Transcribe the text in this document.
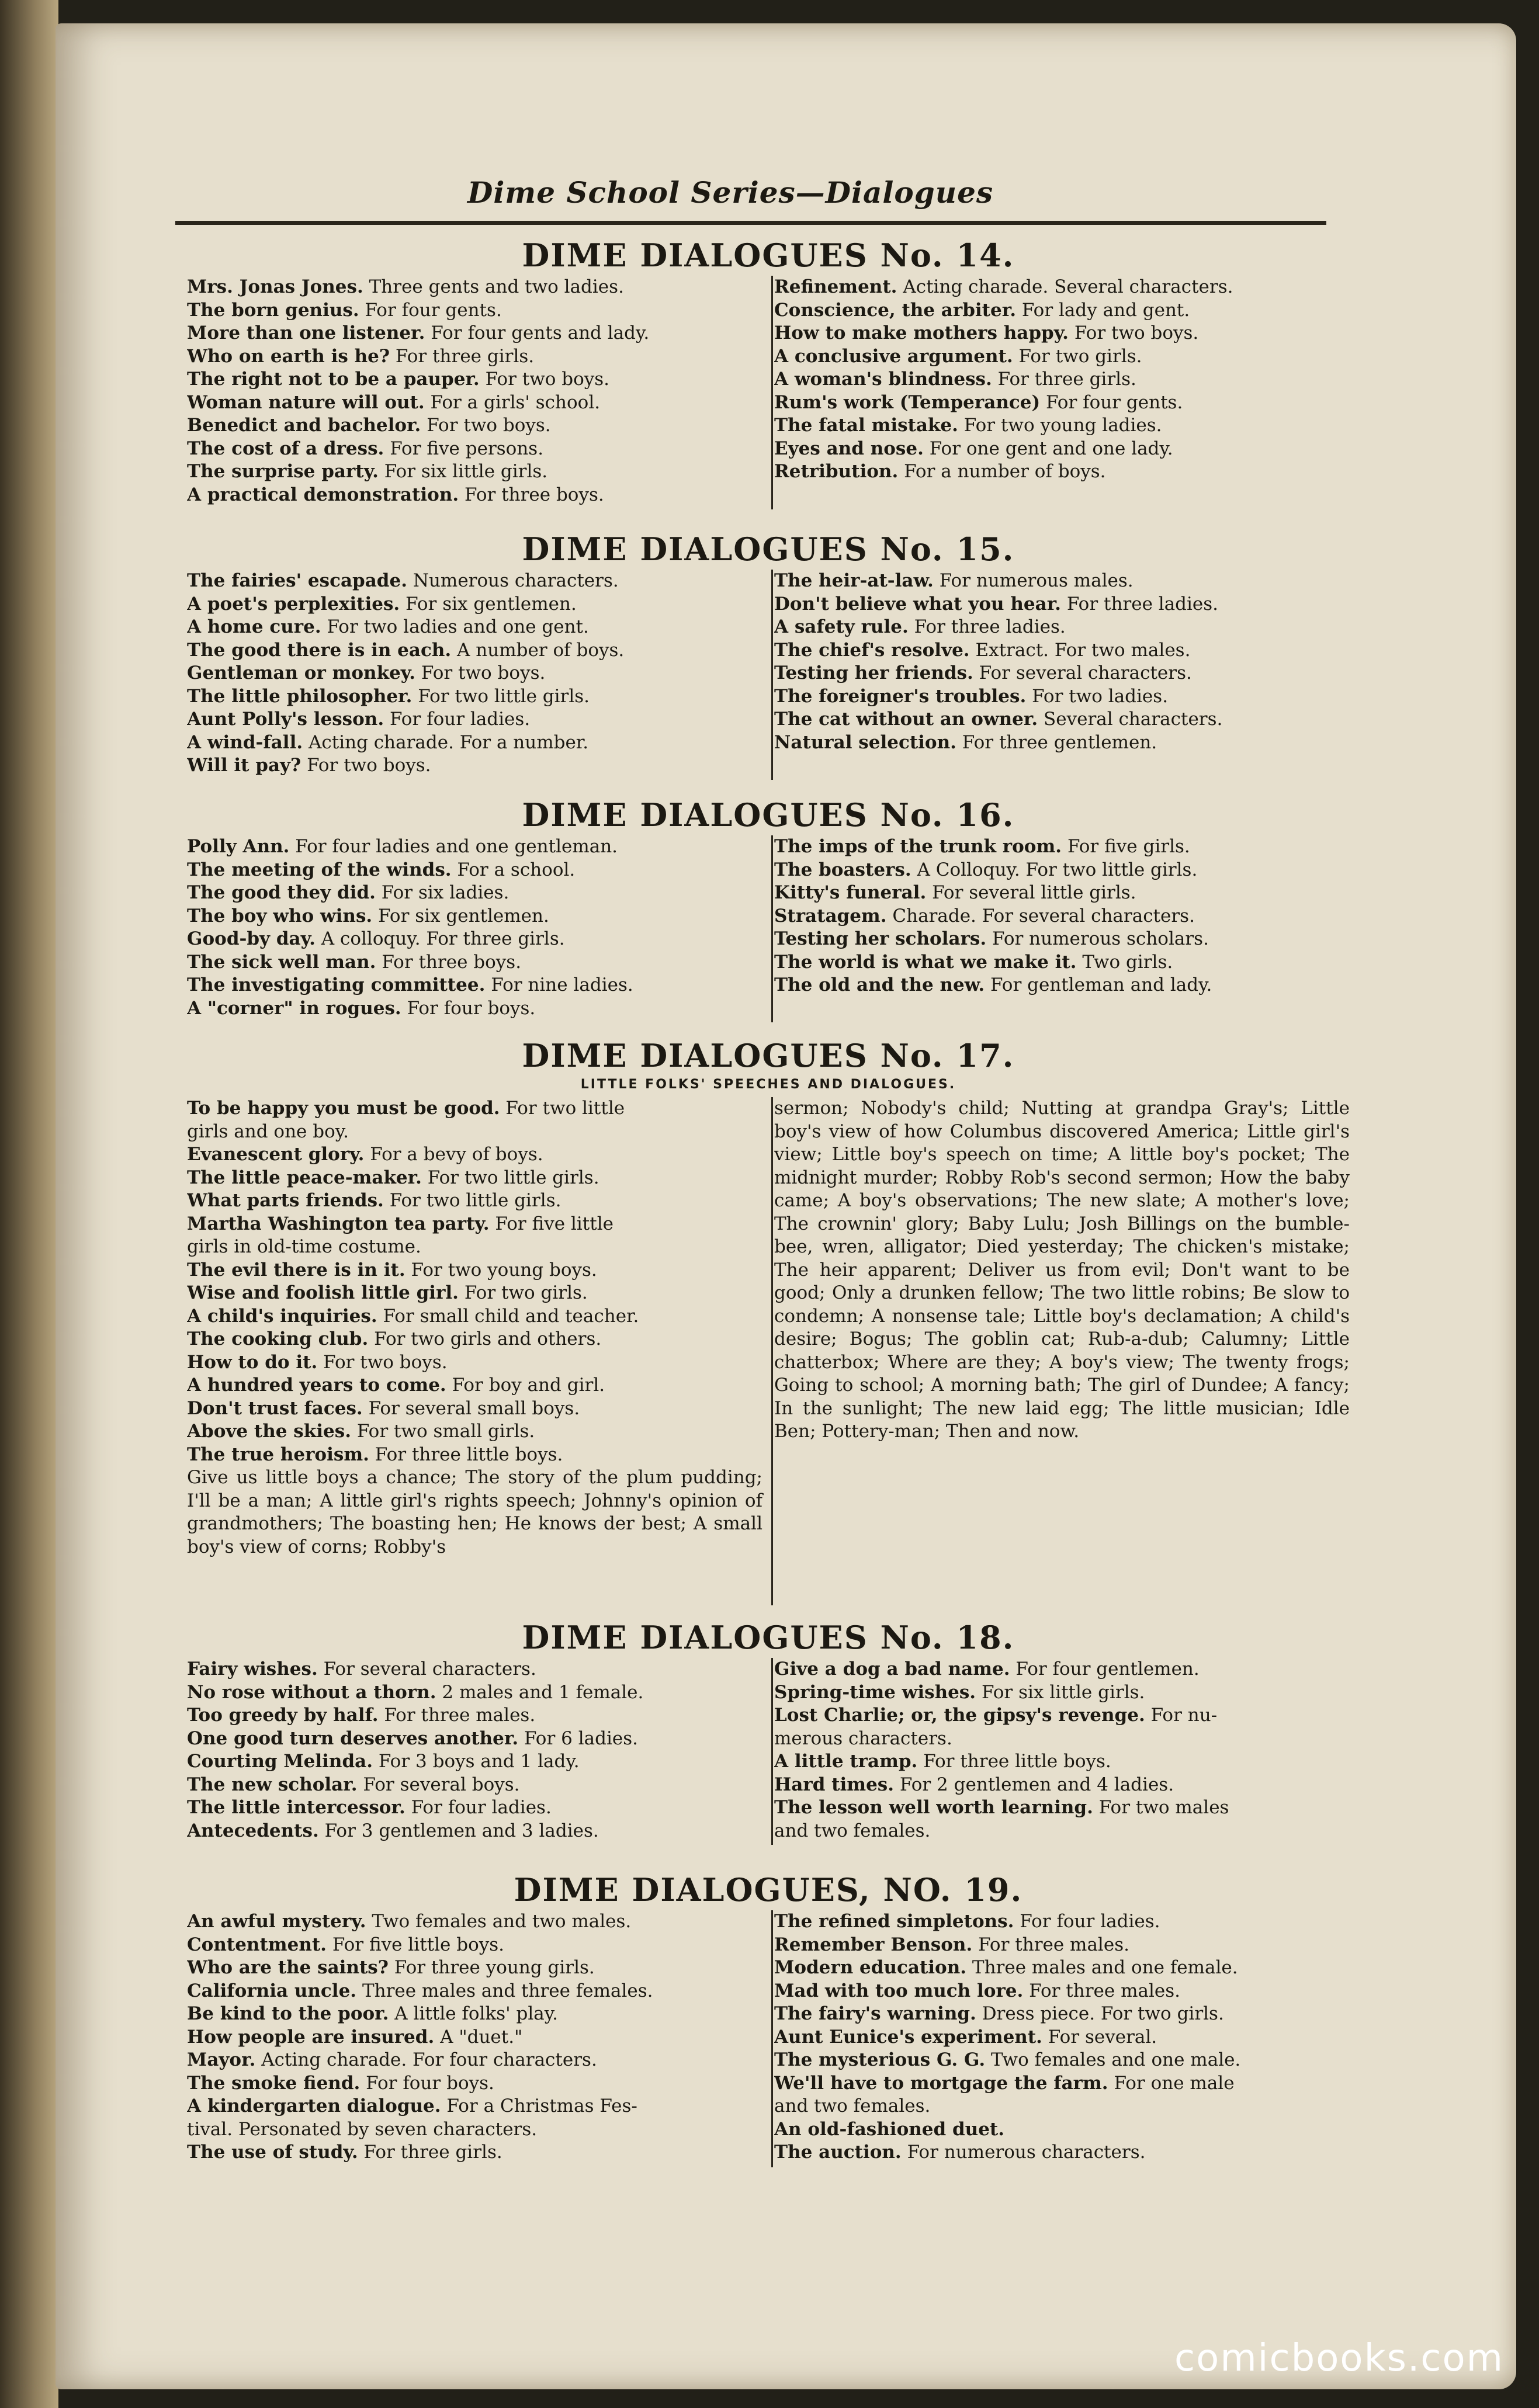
Dime School Series—Dialogues
DIME DIALOGUES No. 14.
Mrs. Jonas Jones. Three gents and two ladies.
The born genius. For four gents.
More than one listener. For four gents and lady.
Who on earth is he? For three girls.
The right not to be a pauper. For two boys.
Woman nature will out. For a girls' school.
Benedict and bachelor. For two boys.
The cost of a dress. For five persons.
The surprise party. For six little girls.
A practical demonstration. For three boys.
Refinement. Acting charade. Several characters.
Conscience, the arbiter. For lady and gent.
How to make mothers happy. For two boys.
A conclusive argument. For two girls.
A woman's blindness. For three girls.
Rum's work (Temperance) For four gents.
The fatal mistake. For two young ladies.
Eyes and nose. For one gent and one lady.
Retribution. For a number of boys.
DIME DIALOGUES No. 15.
The fairies' escapade. Numerous characters.
A poet's perplexities. For six gentlemen.
A home cure. For two ladies and one gent.
The good there is in each. A number of boys.
Gentleman or monkey. For two boys.
The little philosopher. For two little girls.
Aunt Polly's lesson. For four ladies.
A wind-fall. Acting charade. For a number.
Will it pay? For two boys.
The heir-at-law. For numerous males.
Don't believe what you hear. For three ladies.
A safety rule. For three ladies.
The chief's resolve. Extract. For two males.
Testing her friends. For several characters.
The foreigner's troubles. For two ladies.
The cat without an owner. Several characters.
Natural selection. For three gentlemen.
DIME DIALOGUES No. 16.
Polly Ann. For four ladies and one gentleman.
The meeting of the winds. For a school.
The good they did. For six ladies.
The boy who wins. For six gentlemen.
Good-by day. A colloquy. For three girls.
The sick well man. For three boys.
The investigating committee. For nine ladies.
A "corner" in rogues. For four boys.
The imps of the trunk room. For five girls.
The boasters. A Colloquy. For two little girls.
Kitty's funeral. For several little girls.
Stratagem. Charade. For several characters.
Testing her scholars. For numerous scholars.
The world is what we make it. Two girls.
The old and the new. For gentleman and lady.
DIME DIALOGUES No. 17.
LITTLE FOLKS' SPEECHES AND DIALOGUES.
To be happy you must be good. For two little
girls and one boy.
Evanescent glory. For a bevy of boys.
The little peace-maker. For two little girls.
What parts friends. For two little girls.
Martha Washington tea party. For five little
girls in old-time costume.
The evil there is in it. For two young boys.
Wise and foolish little girl. For two girls.
A child's inquiries. For small child and teacher.
The cooking club. For two girls and others.
How to do it. For two boys.
A hundred years to come. For boy and girl.
Don't trust faces. For several small boys.
Above the skies. For two small girls.
The true heroism. For three little boys.
Give us little boys a chance; The story of the plum pudding; I'll be a man; A little girl's rights speech; Johnny's opinion of grandmothers; The boasting hen; He knows der best; A small boy's view of corns; Robby's
sermon; Nobody's child; Nutting at grandpa Gray's; Little boy's view of how Columbus discovered America; Little girl's view; Little boy's speech on time; A little boy's pocket; The midnight murder; Robby Rob's second sermon; How the baby came; A boy's observations; The new slate; A mother's love; The crownin' glory; Baby Lulu; Josh Billings on the bumble-bee, wren, alligator; Died yesterday; The chicken's mistake; The heir apparent; Deliver us from evil; Don't want to be good; Only a drunken fellow; The two little robins; Be slow to condemn; A nonsense tale; Little boy's declamation; A child's desire; Bogus; The goblin cat; Rub-a-dub; Calumny; Little chatterbox; Where are they; A boy's view; The twenty frogs; Going to school; A morning bath; The girl of Dundee; A fancy; In the sunlight; The new laid egg; The little musician; Idle Ben; Pottery-man; Then and now.
DIME DIALOGUES No. 18.
Fairy wishes. For several characters.
No rose without a thorn. 2 males and 1 female.
Too greedy by half. For three males.
One good turn deserves another. For 6 ladies.
Courting Melinda. For 3 boys and 1 lady.
The new scholar. For several boys.
The little intercessor. For four ladies.
Antecedents. For 3 gentlemen and 3 ladies.
Give a dog a bad name. For four gentlemen.
Spring-time wishes. For six little girls.
Lost Charlie; or, the gipsy's revenge. For nu-
merous characters.
A little tramp. For three little boys.
Hard times. For 2 gentlemen and 4 ladies.
The lesson well worth learning. For two males
and two females.
DIME DIALOGUES, NO. 19.
An awful mystery. Two females and two males.
Contentment. For five little boys.
Who are the saints? For three young girls.
California uncle. Three males and three females.
Be kind to the poor. A little folks' play.
How people are insured. A "duet."
Mayor. Acting charade. For four characters.
The smoke fiend. For four boys.
A kindergarten dialogue. For a Christmas Fes-
tival. Personated by seven characters.
The use of study. For three girls.
The refined simpletons. For four ladies.
Remember Benson. For three males.
Modern education. Three males and one female.
Mad with too much lore. For three males.
The fairy's warning. Dress piece. For two girls.
Aunt Eunice's experiment. For several.
The mysterious G. G. Two females and one male.
We'll have to mortgage the farm. For one male
and two females.
An old-fashioned duet.
The auction. For numerous characters.
comicbooks.com
